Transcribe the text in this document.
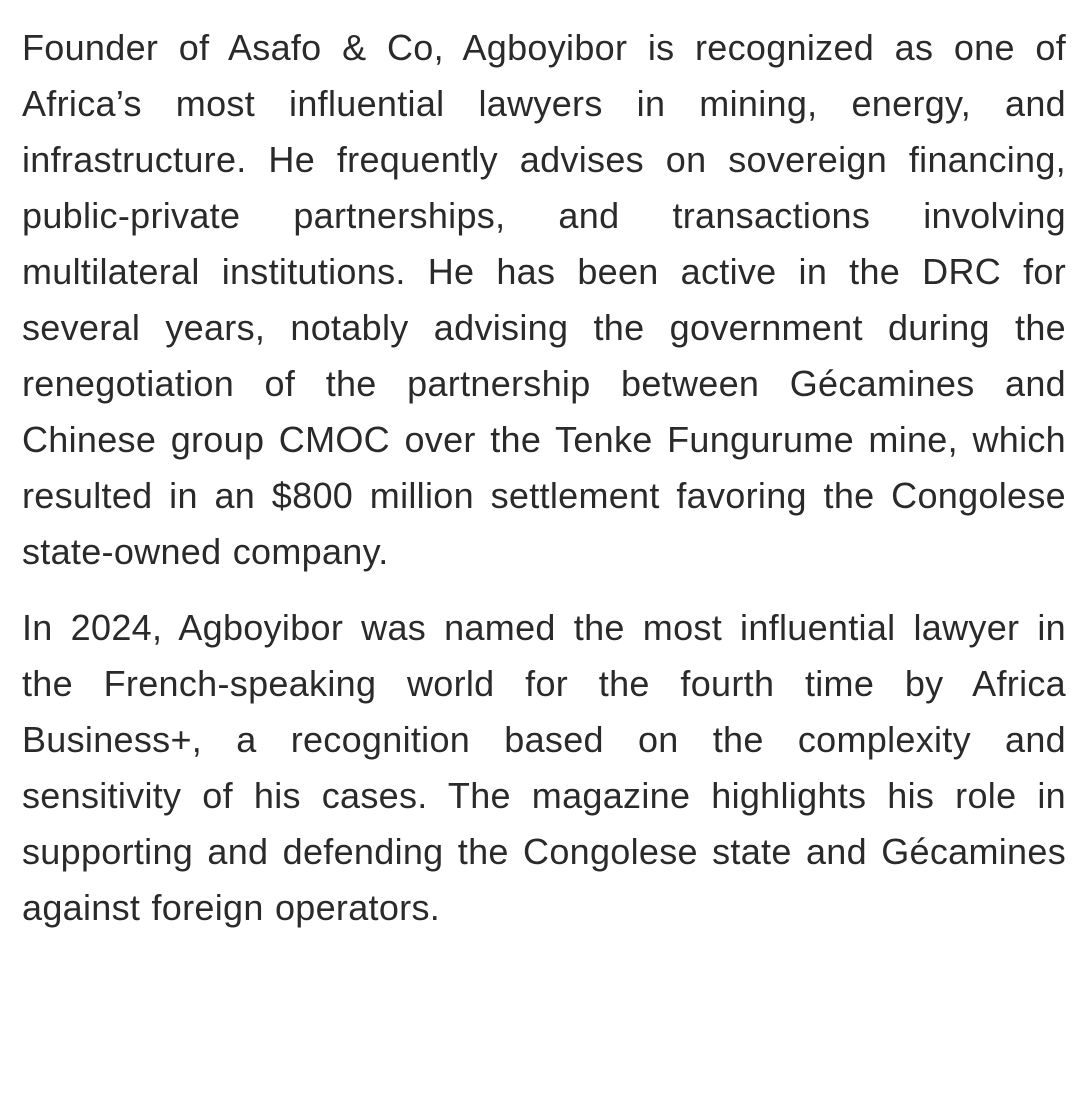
Founder of Asafo & Co, Agboyibor is recognized as one of Africa’s most influential lawyers in mining, energy, and infrastructure. He frequently advises on sovereign financing, public-private partnerships, and transactions involving multilateral institutions. He has been active in the DRC for several years, notably advising the government during the renegotiation of the partnership between Gécamines and Chinese group CMOC over the Tenke Fungurume mine, which resulted in an $800 million settlement favoring the Congolese state-owned company.

In 2024, Agboyibor was named the most influential lawyer in the French-speaking world for the fourth time by Africa Business+, a recognition based on the complexity and sensitivity of his cases. The magazine highlights his role in supporting and defending the Congolese state and Gécamines against foreign operators.
